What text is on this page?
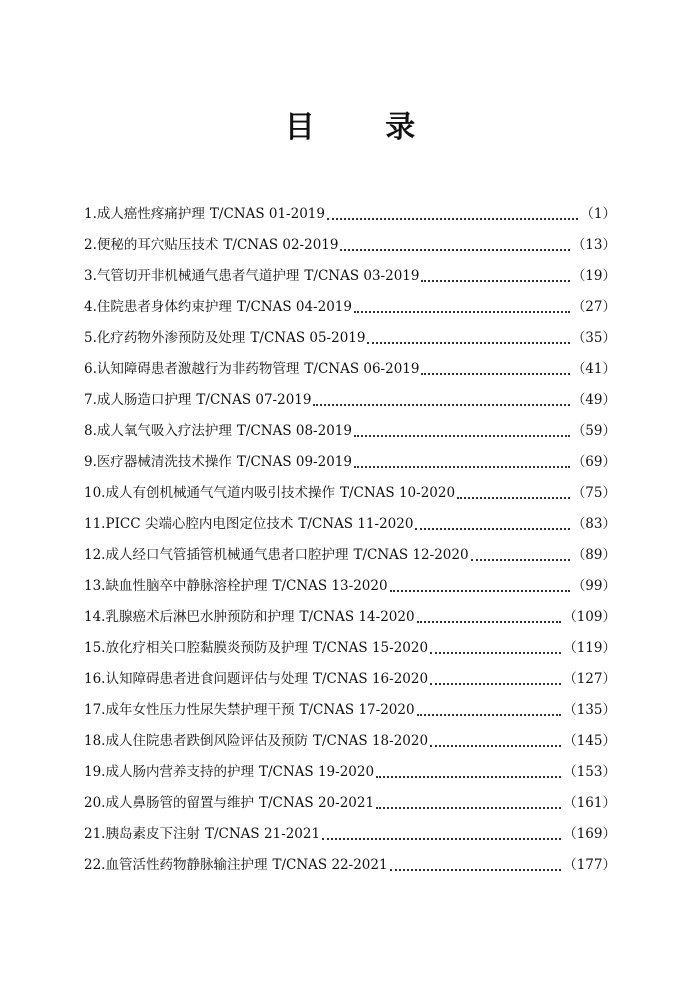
目 录
1. 成人癌性疼痛护理 T/CNAS 01-2019	（1）
2. 便秘的耳穴贴压技术 T/CNAS 02-2019	（13）
3. 气管切开非机械通气患者气道护理 T/CNAS 03-2019	（19）
4. 住院患者身体约束护理 T/CNAS 04-2019	（27）
5. 化疗药物外渗预防及处理 T/CNAS 05-2019	（35）
6. 认知障碍患者激越行为非药物管理 T/CNAS 06-2019	（41）
7. 成人肠造口护理 T/CNAS 07-2019	（49）
8. 成人氧气吸入疗法护理 T/CNAS 08-2019	（59）
9. 医疗器械清洗技术操作 T/CNAS 09-2019	（69）
10. 成人有创机械通气气道内吸引技术操作 T/CNAS 10-2020	（75）
11. PICC 尖端心腔内电图定位技术 T/CNAS 11-2020	（83）
12. 成人经口气管插管机械通气患者口腔护理 T/CNAS 12-2020	（89）
13. 缺血性脑卒中静脉溶栓护理 T/CNAS 13-2020	（99）
14. 乳腺癌术后淋巴水肿预防和护理 T/CNAS 14-2020	（109）
15. 放化疗相关口腔黏膜炎预防及护理 T/CNAS 15-2020	（119）
16. 认知障碍患者进食问题评估与处理 T/CNAS 16-2020	（127）
17. 成年女性压力性尿失禁护理干预 T/CNAS 17-2020	（135）
18. 成人住院患者跌倒风险评估及预防 T/CNAS 18-2020	（145）
19. 成人肠内营养支持的护理 T/CNAS 19-2020	（153）
20. 成人鼻肠管的留置与维护 T/CNAS 20-2021	（161）
21. 胰岛素皮下注射 T/CNAS 21-2021	（169）
22. 血管活性药物静脉输注护理 T/CNAS 22-2021	（177）
